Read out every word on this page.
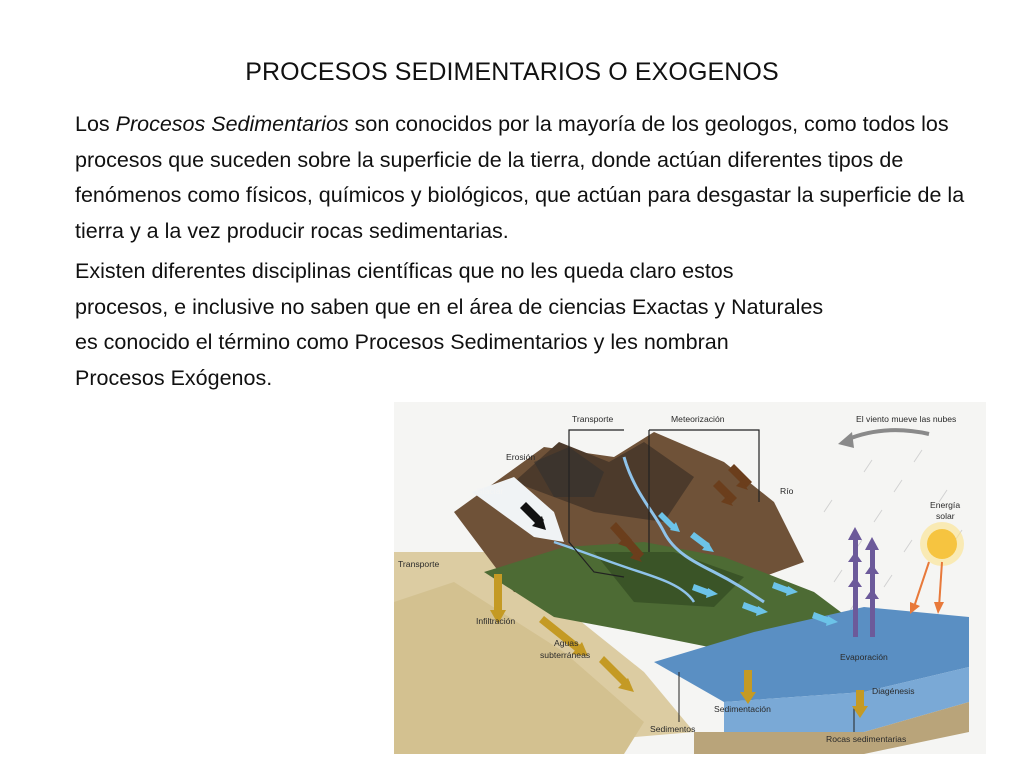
PROCESOS SEDIMENTARIOS O EXOGENOS

Los Procesos Sedimentarios son conocidos por la mayoría de los geologos, como todos los procesos que suceden sobre la superficie de la tierra, donde actúan diferentes tipos de fenómenos como físicos, químicos y biológicos, que actúan para desgastar la superficie de la tierra y a la vez producir rocas sedimentarias.

Existen diferentes disciplinas científicas que no les queda claro estos
procesos, e inclusive no saben que en el área de ciencias Exactas y Naturales
es conocido el término como Procesos Sedimentarios y les nombran
Procesos Exógenos.

Transporte	Meteorización	El viento mueve las nubes
Erosión
Glaciar	Río
Energía
solar
Transporte
Infiltración
Aguas
subterráneas	Evaporación
Diagénesis
Sedimentación
Sedimentos
Rocas sedimentarias
